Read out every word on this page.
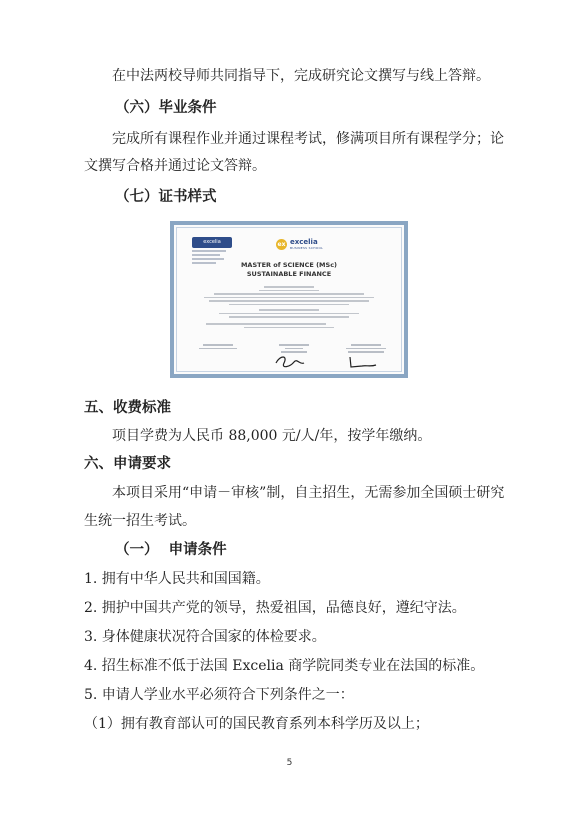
在中法两校导师共同指导下，完成研究论文撰写与线上答辩。
（六）毕业条件
完成所有课程作业并通过课程考试，修满项目所有课程学分；论
文撰写合格并通过论文答辩。
（七）证书样式
excelia	ex excelia
BUSINESS SCHOOL
MASTER of SCIENCE (MSc)
SUSTAINABLE FINANCE
五、收费标准
项目学费为人民币 88,000 元/人/年，按学年缴纳。
六、申请要求
本项目采用“申请－审核”制，自主招生，无需参加全国硕士研究
生统一招生考试。
（一）  申请条件
1. 拥有中华人民共和国国籍。
2. 拥护中国共产党的领导，热爱祖国，品德良好，遵纪守法。
3. 身体健康状况符合国家的体检要求。
4. 招生标准不低于法国 Excelia 商学院同类专业在法国的标准。
5. 申请人学业水平必须符合下列条件之一：
（1）拥有教育部认可的国民教育系列本科学历及以上；
5
